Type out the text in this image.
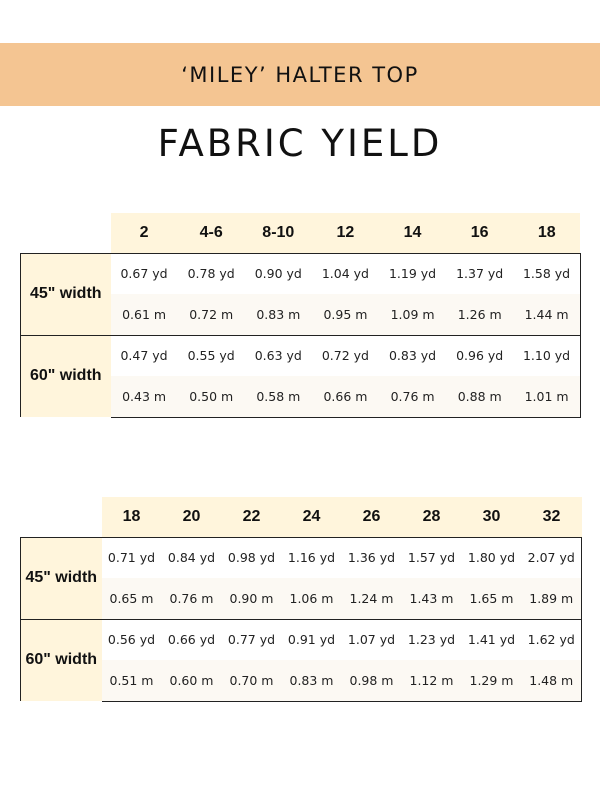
‘MILEY’ HALTER TOP
FABRIC YIELD
	2	4-6	8-10	12	14	16	18
45" width	0.67 yd	0.78 yd	0.90 yd	1.04 yd	1.19 yd	1.37 yd	1.58 yd
	0.61 m	0.72 m	0.83 m	0.95 m	1.09 m	1.26 m	1.44 m
60" width	0.47 yd	0.55 yd	0.63 yd	0.72 yd	0.83 yd	0.96 yd	1.10 yd
	0.43 m	0.50 m	0.58 m	0.66 m	0.76 m	0.88 m	1.01 m
	18	20	22	24	26	28	30	32
45" width	0.71 yd	0.84 yd	0.98 yd	1.16 yd	1.36 yd	1.57 yd	1.80 yd	2.07 yd
	0.65 m	0.76 m	0.90 m	1.06 m	1.24 m	1.43 m	1.65 m	1.89 m
60" width	0.56 yd	0.66 yd	0.77 yd	0.91 yd	1.07 yd	1.23 yd	1.41 yd	1.62 yd
	0.51 m	0.60 m	0.70 m	0.83 m	0.98 m	1.12 m	1.29 m	1.48 m
